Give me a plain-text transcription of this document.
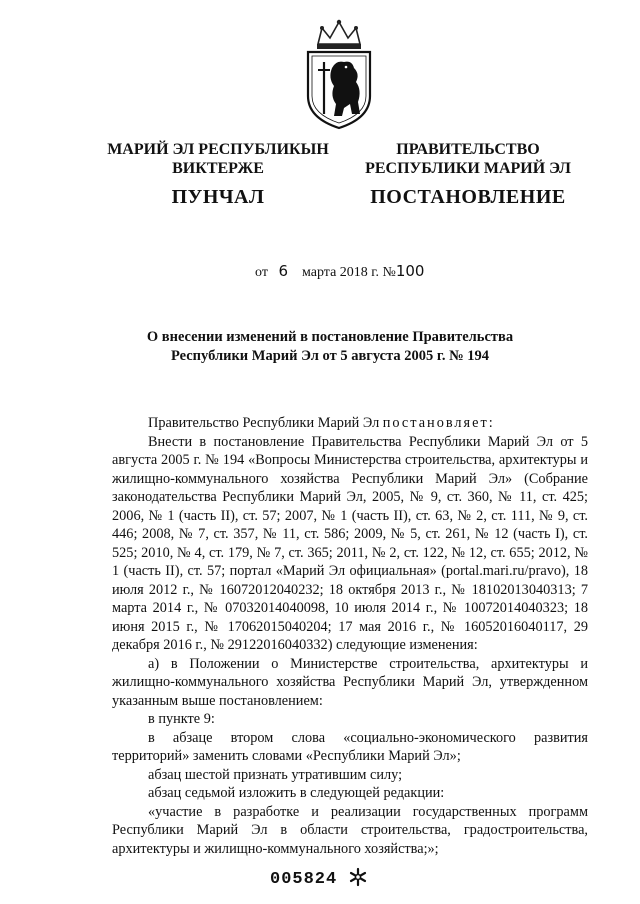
МАРИЙ ЭЛ РЕСПУБЛИКЫН
ВИКТЕРЖЕ
ПУНЧАЛ
ПРАВИТЕЛЬСТВО
РЕСПУБЛИКИ МАРИЙ ЭЛ
ПОСТАНОВЛЕНИЕ
от 6 марта 2018 г. №100
О внесении изменений в постановление Правительства
Республики Марий Эл от 5 августа 2005 г. № 194

Правительство Республики Марий Эл постановляет:

Внести в постановление Правительства Республики Марий Эл от 5 августа 2005 г. № 194 «Вопросы Министерства строительства, архитектуры и жилищно-коммунального хозяйства Республики Марий Эл» (Собрание законодательства Республики Марий Эл, 2005, № 9, ст. 360, № 11, ст. 425; 2006, № 1 (часть II), ст. 57; 2007, № 1 (часть II), ст. 63, № 2, ст. 111, № 9, ст. 446; 2008, № 7, ст. 357, № 11, ст. 586; 2009, № 5, ст. 261, № 12 (часть I), ст. 525; 2010, № 4, ст. 179, № 7, ст. 365; 2011, № 2, ст. 122, № 12, ст. 655; 2012, № 1 (часть II), ст. 57; портал «Марий Эл официальная» (portal.mari.ru/pravo), 18 июля 2012 г., № 16072012040232; 18 октября 2013 г., № 18102013040313; 7 марта 2014 г., № 07032014040098, 10 июля 2014 г., № 10072014040323; 18 июня 2015 г., № 17062015040204; 17 мая 2016 г., № 16052016040117, 29 декабря 2016 г., № 29122016040332) следующие изменения:

а) в Положении о Министерстве строительства, архитектуры и жилищно-коммунального хозяйства Республики Марий Эл, утвержденном указанным выше постановлением:

в пункте 9:

в абзаце втором слова «социально-экономического развития территорий» заменить словами «Республики Марий Эл»;

абзац шестой признать утратившим силу;

абзац седьмой изложить в следующей редакции:

«участие в разработке и реализации государственных программ Республики Марий Эл в области строительства, градостроительства, архитектуры и жилищно-коммунального хозяйства;»;

005824
